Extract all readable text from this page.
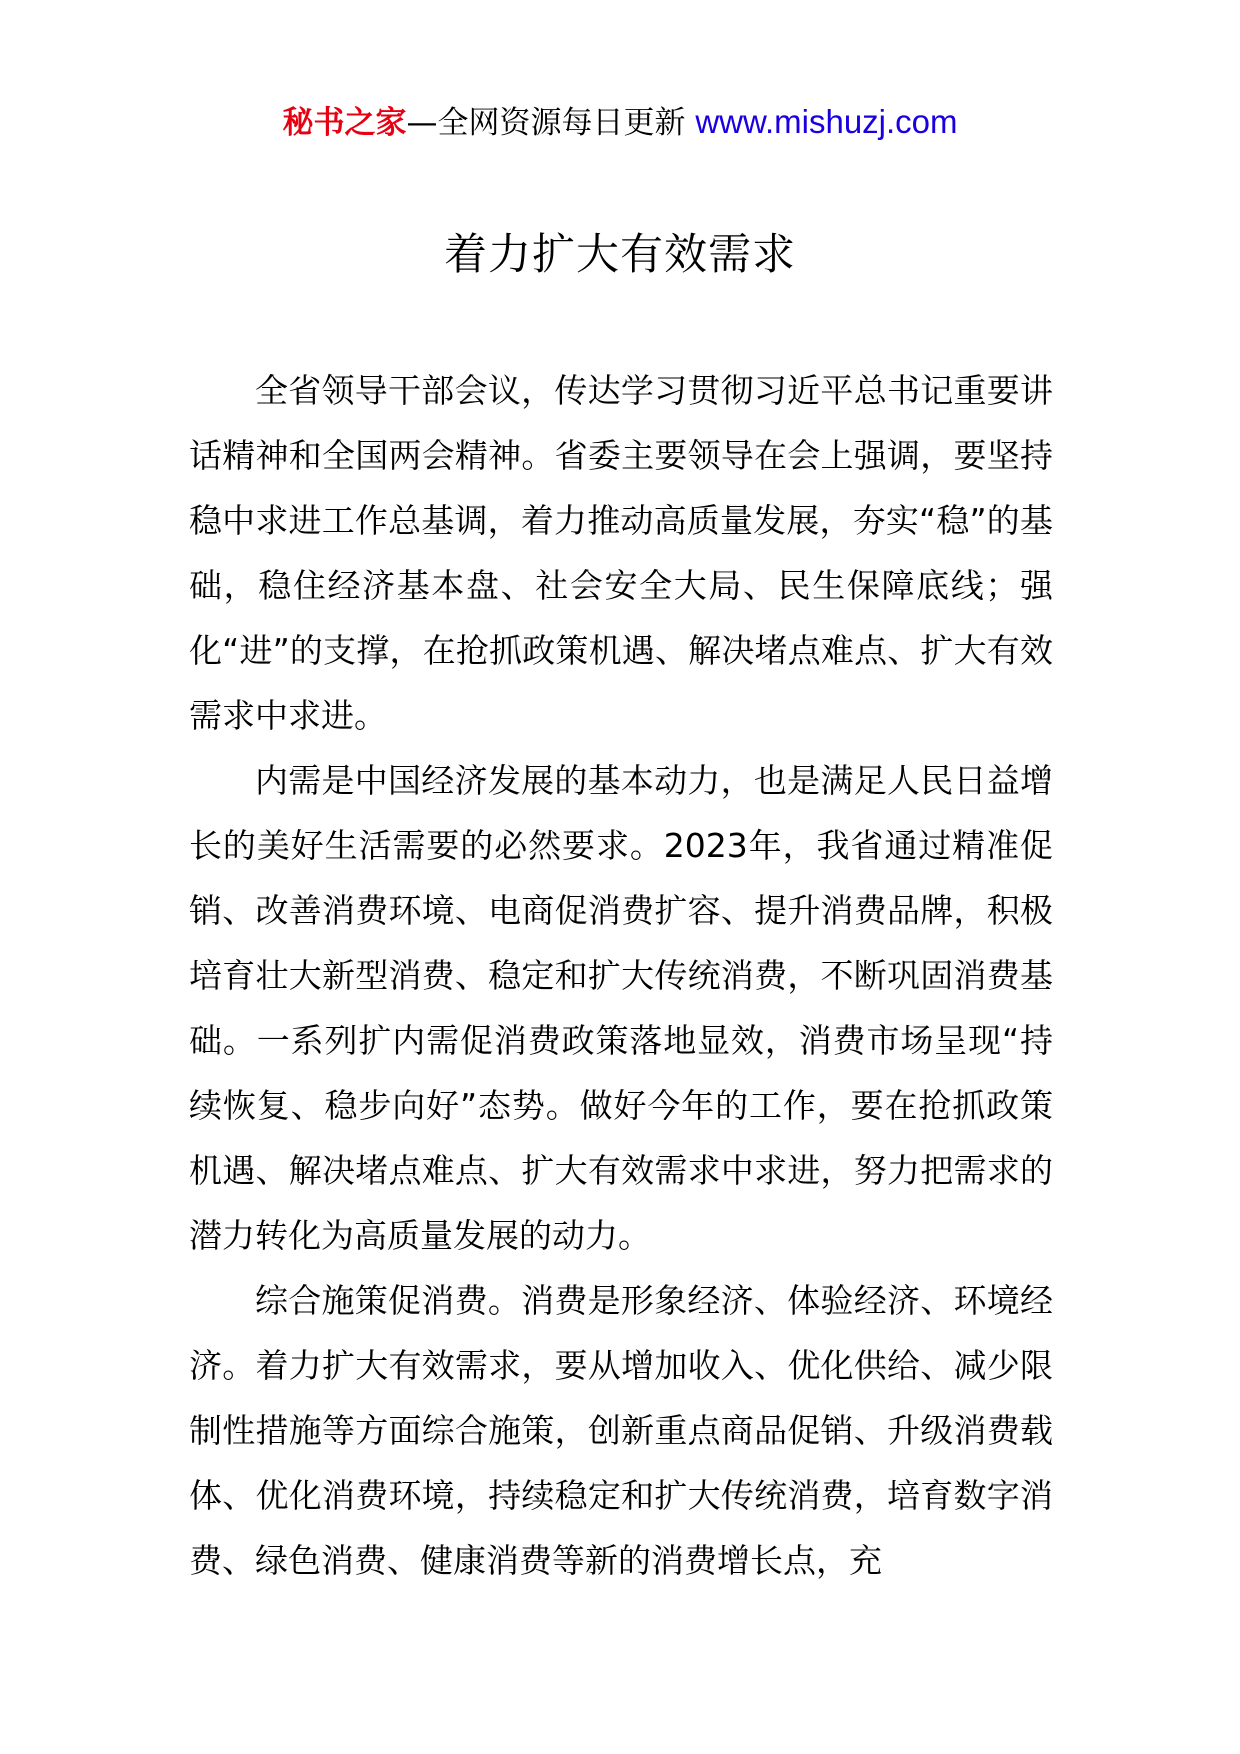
秘书之家—全网资源每日更新 www.mishuzj.com
着力扩大有效需求

全省领导干部会议，传达学习贯彻习近平总书记重要讲话精神和全国两会精神。省委主要领导在会上强调，要坚持稳中求进工作总基调，着力推动高质量发展，夯实“稳”的基础，稳住经济基本盘、社会安全大局、民生保障底线；强化“进”的支撑，在抢抓政策机遇、解决堵点难点、扩大有效需求中求进。

内需是中国经济发展的基本动力，也是满足人民日益增长的美好生活需要的必然要求。2023年，我省通过精准促销、改善消费环境、电商促消费扩容、提升消费品牌，积极培育壮大新型消费、稳定和扩大传统消费，不断巩固消费基础。一系列扩内需促消费政策落地显效，消费市场呈现“持续恢复、稳步向好”态势。做好今年的工作，要在抢抓政策机遇、解决堵点难点、扩大有效需求中求进，努力把需求的潜力转化为高质量发展的动力。

综合施策促消费。消费是形象经济、体验经济、环境经济。着力扩大有效需求，要从增加收入、优化供给、减少限制性措施等方面综合施策，创新重点商品促销、升级消费载体、优化消费环境，持续稳定和扩大传统消费，培育数字消费、绿色消费、健康消费等新的消费增长点，充
